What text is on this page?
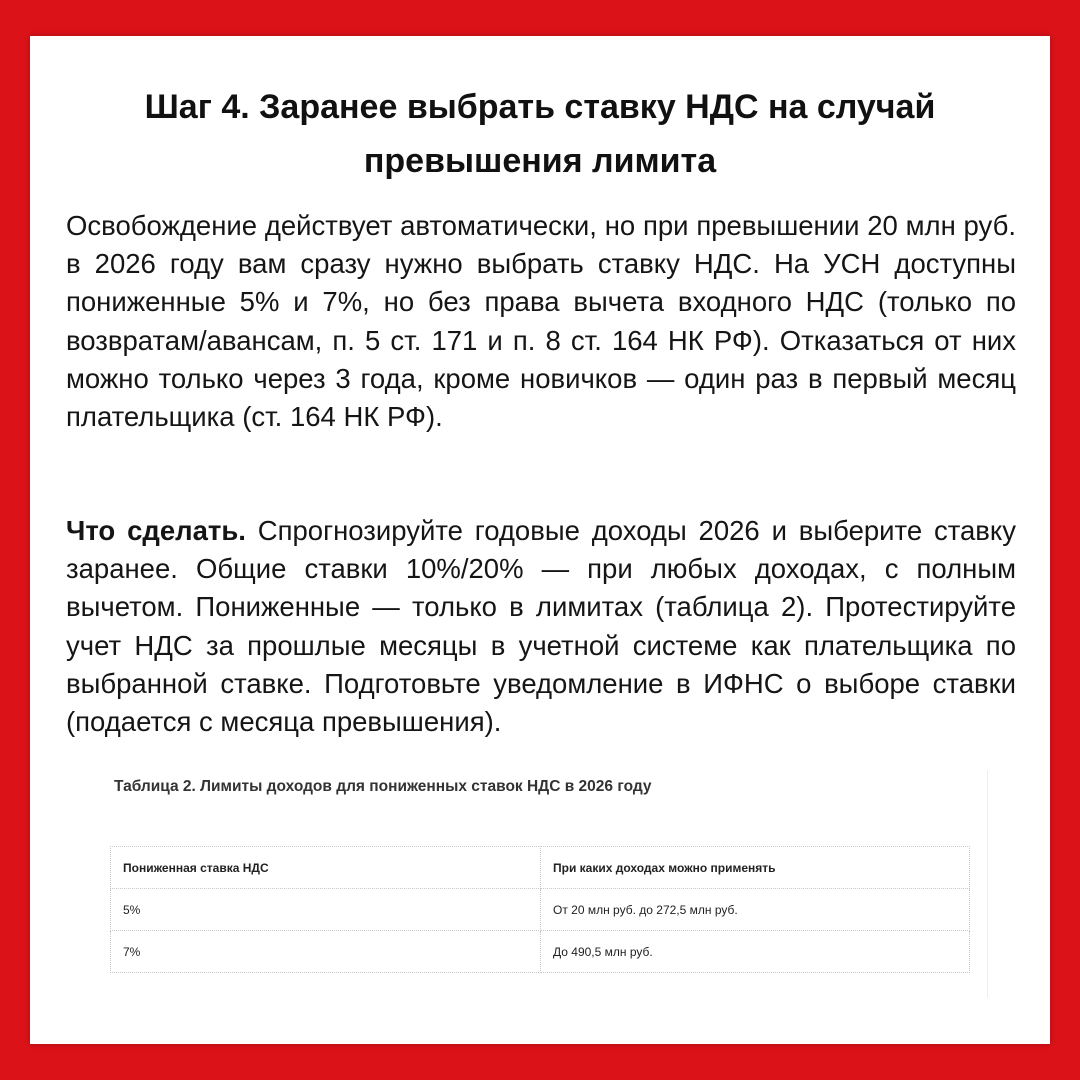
Шаг 4. Заранее выбрать ставку НДС на случай превышения лимита

Освобождение действует автоматически, но при превышении 20 млн руб. в 2026 году вам сразу нужно выбрать ставку НДС. На УСН доступны пониженные 5% и 7%, но без права вычета входного НДС (только по возвратам/авансам, п. 5 ст. 171 и п. 8 ст. 164 НК РФ). Отказаться от них можно только через 3 года, кроме новичков — один раз в первый месяц плательщика (ст. 164 НК РФ).

Что сделать. Спрогнозируйте годовые доходы 2026 и выберите ставку заранее. Общие ставки 10%/20% — при любых доходах, с полным вычетом. Пониженные — только в лимитах (таблица 2). Протестируйте учет НДС за прошлые месяцы в учетной системе как плательщика по выбранной ставке. Подготовьте уведомление в ИФНС о выборе ставки (подается с месяца превышения).

Таблица 2. Лимиты доходов для пониженных ставок НДС в 2026 году
Пониженная ставка НДС	При каких доходах можно применять
5%	От 20 млн руб. до 272,5 млн руб.
7%	До 490,5 млн руб.
